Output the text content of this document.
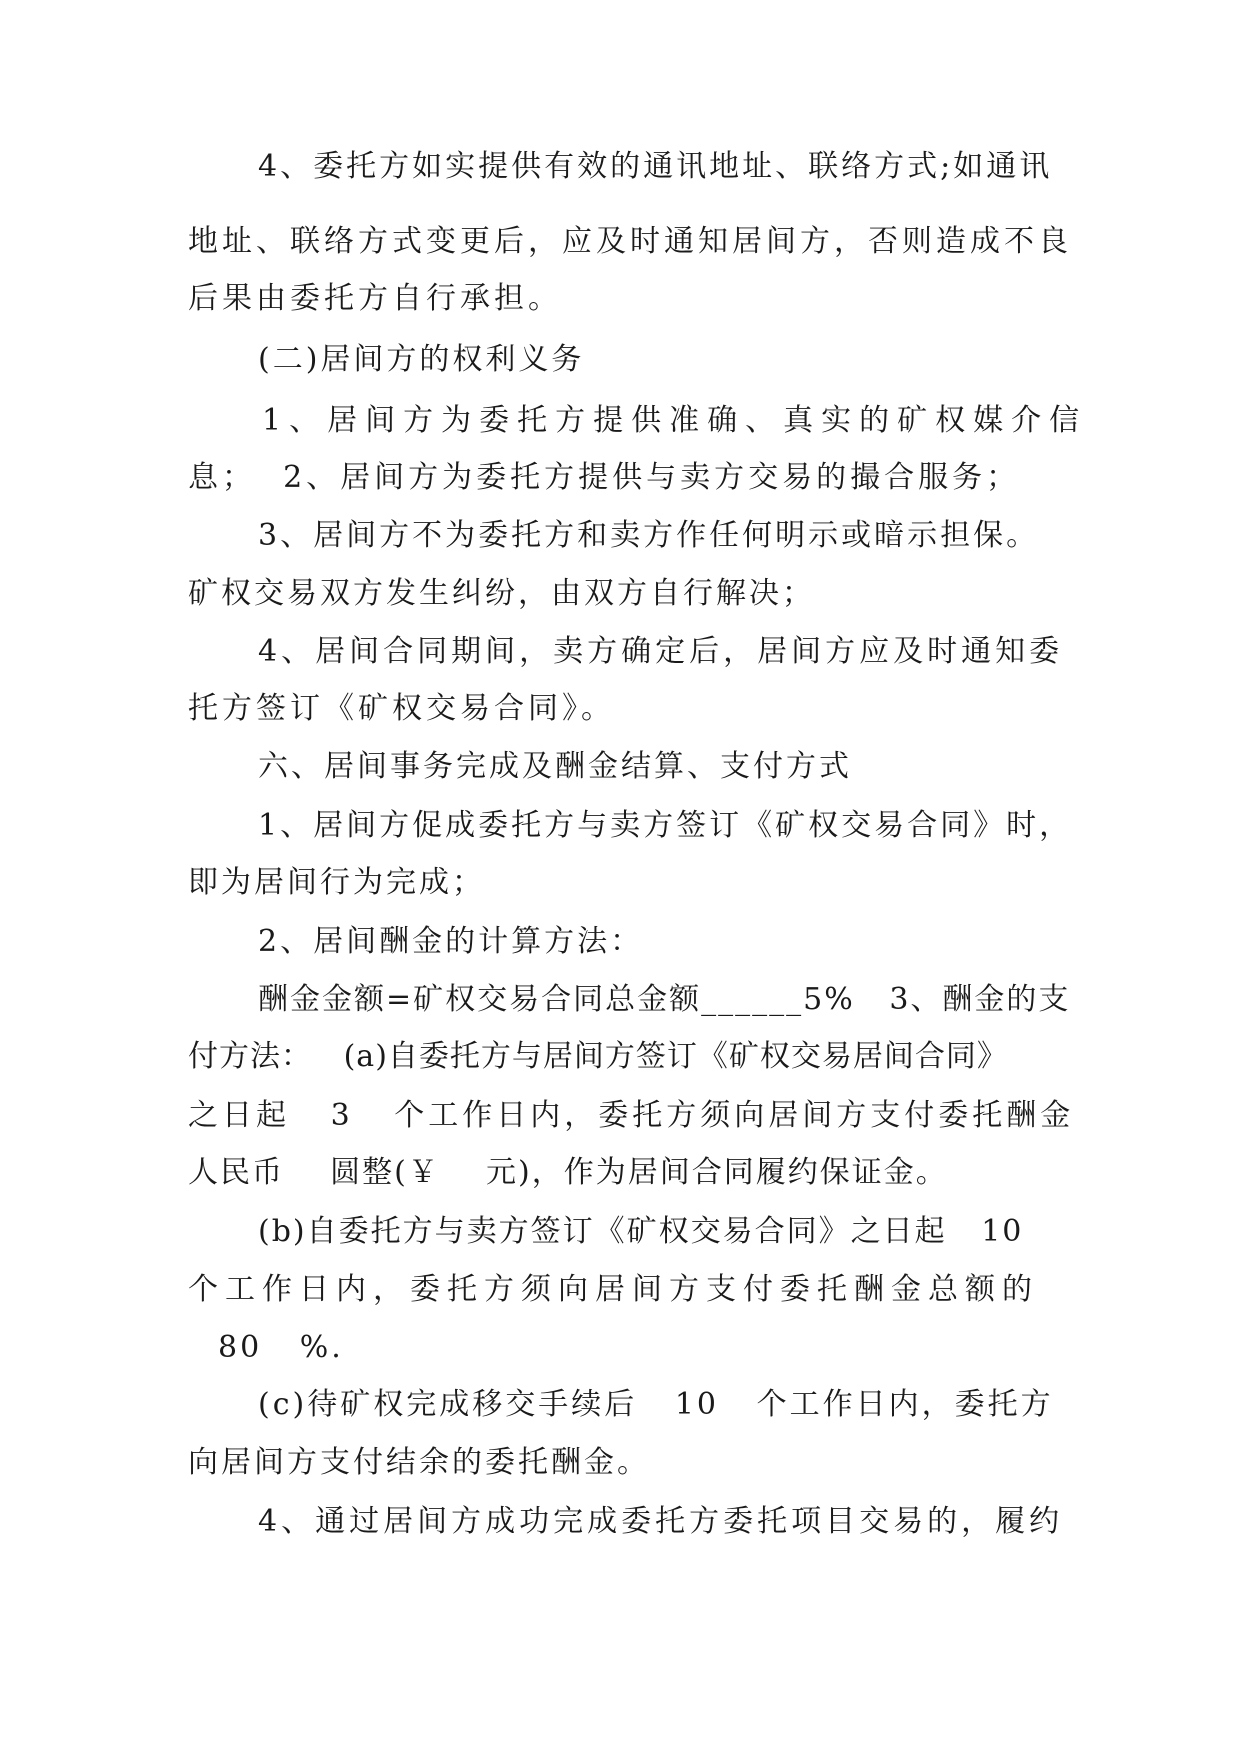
4、委托方如实提供有效的通讯地址、联络方式;如通讯
地址、联络方式变更后，应及时通知居间方，否则造成不良
后果由委托方自行承担。
(二)居间方的权利义务
1、居间方为委托方提供准确、真实的矿权媒介信
息；  2、居间方为委托方提供与卖方交易的撮合服务；
3、居间方不为委托方和卖方作任何明示或暗示担保。
矿权交易双方发生纠纷，由双方自行解决；
4、居间合同期间，卖方确定后，居间方应及时通知委
托方签订《矿权交易合同》。
六、居间事务完成及酬金结算、支付方式
1、居间方促成委托方与卖方签订《矿权交易合同》时，
即为居间行为完成；
2、居间酬金的计算方法：
酬金金额=矿权交易合同总金额______5%   3、酬金的支
付方法：   (a)自委托方与居间方签订《矿权交易居间合同》
之日起   3   个工作日内，委托方须向居间方支付委托酬金
人民币    圆整(￥    元)，作为居间合同履约保证金。
(b)自委托方与卖方签订《矿权交易合同》之日起   10
个工作日内，委托方须向居间方支付委托酬金总额的
80   %.
(c)待矿权完成移交手续后   10   个工作日内，委托方
向居间方支付结余的委托酬金。
4、通过居间方成功完成委托方委托项目交易的，履约
